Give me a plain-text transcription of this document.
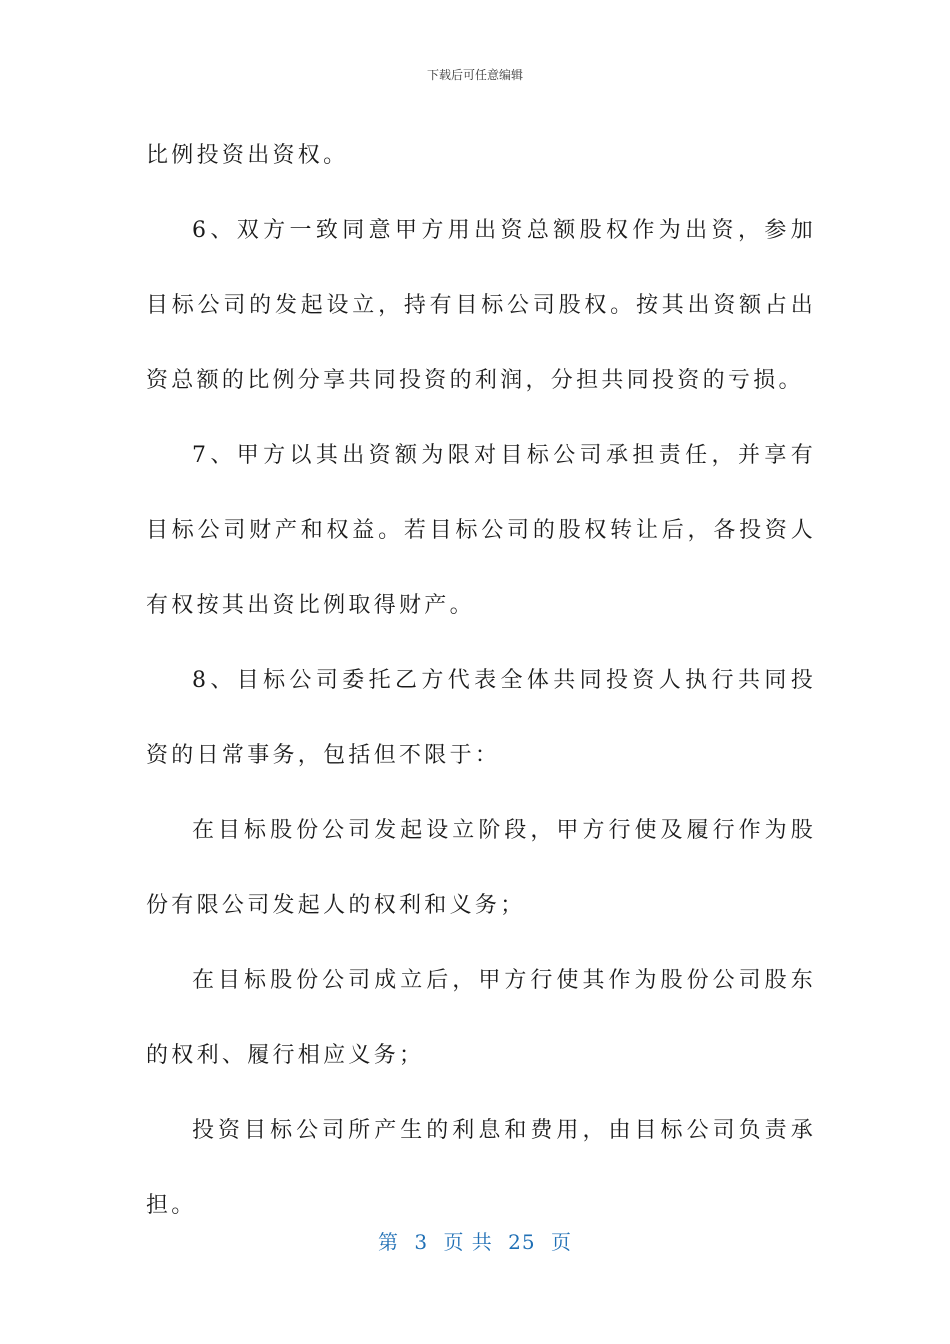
下载后可任意编辑

比例投资出资权。

6、双方一致同意甲方用出资总额股权作为出资，参加目标公司的发起设立，持有目标公司股权。按其出资额占出资总额的比例分享共同投资的利润，分担共同投资的亏损。

7、甲方以其出资额为限对目标公司承担责任，并享有目标公司财产和权益。若目标公司的股权转让后，各投资人有权按其出资比例取得财产。

8、目标公司委托乙方代表全体共同投资人执行共同投资的日常事务，包括但不限于：

在目标股份公司发起设立阶段，甲方行使及履行作为股份有限公司发起人的权利和义务；

在目标股份公司成立后，甲方行使其作为股份公司股东的权利、履行相应义务；

投资目标公司所产生的利息和费用，由目标公司负责承担。

第 3 页 共 25 页
